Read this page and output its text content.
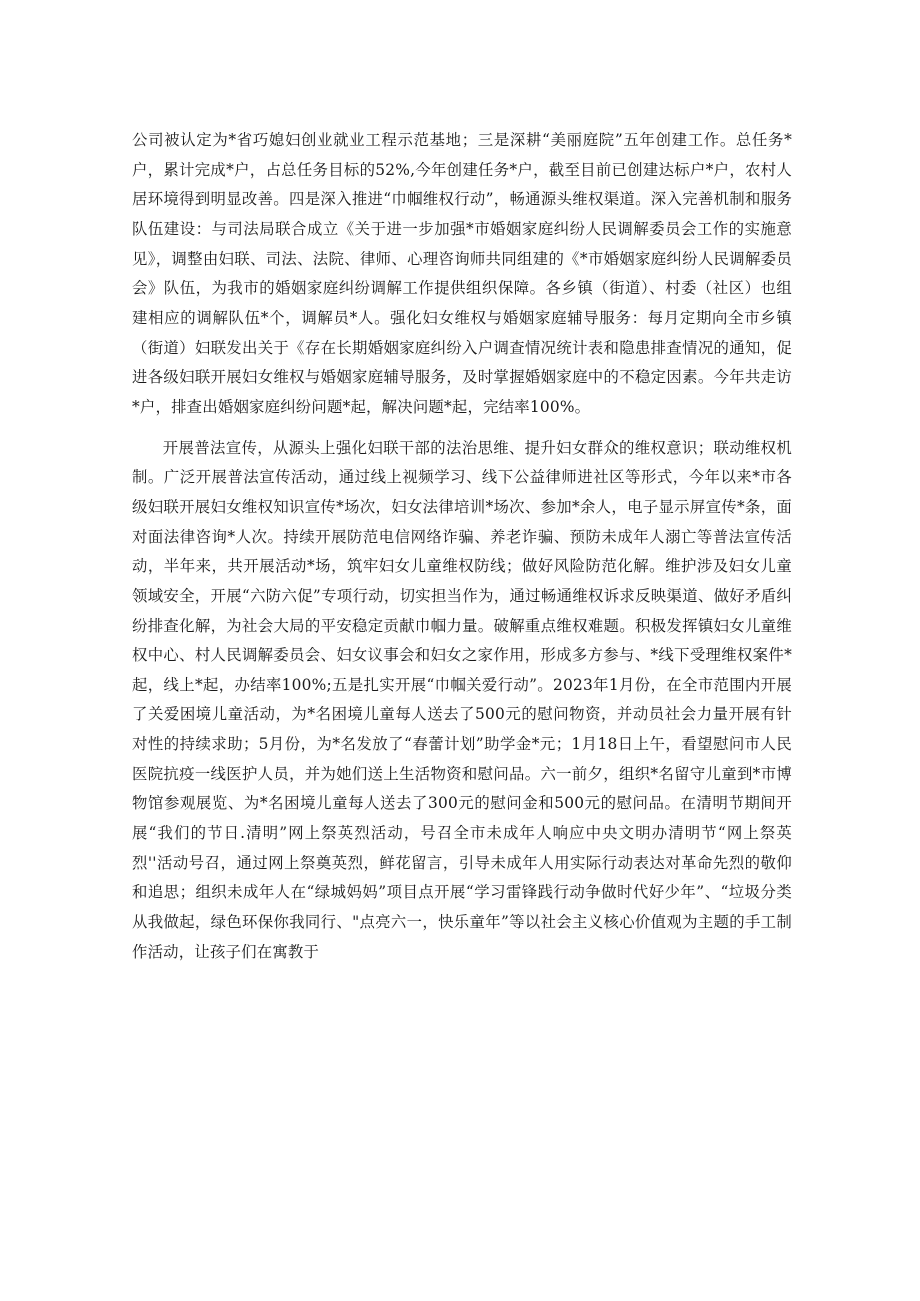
公司被认定为*省巧媳妇创业就业工程示范基地；三是深耕“美丽庭院”五年创建工作。总任务*户，累计完成*户，占总任务目标的52%,今年创建任务*户，截至目前已创建达标户*户，农村人居环境得到明显改善。四是深入推进“巾帼维权行动”，畅通源头维权渠道。深入完善机制和服务队伍建设：与司法局联合成立《关于进一步加强*市婚姻家庭纠纷人民调解委员会工作的实施意见》，调整由妇联、司法、法院、律师、心理咨询师共同组建的《*市婚姻家庭纠纷人民调解委员会》队伍，为我市的婚姻家庭纠纷调解工作提供组织保障。各乡镇（街道）、村委（社区）也组建相应的调解队伍*个，调解员*人。强化妇女维权与婚姻家庭辅导服务：每月定期向全市乡镇（街道）妇联发出关于《存在长期婚姻家庭纠纷入户调查情况统计表和隐患排查情况的通知，促进各级妇联开展妇女维权与婚姻家庭辅导服务，及时掌握婚姻家庭中的不稳定因素。今年共走访*户，排查出婚姻家庭纠纷问题*起，解决问题*起，完结率100%。

开展普法宣传，从源头上强化妇联干部的法治思维、提升妇女群众的维权意识；联动维权机制。广泛开展普法宣传活动，通过线上视频学习、线下公益律师进社区等形式，今年以来*市各级妇联开展妇女维权知识宣传*场次，妇女法律培训*场次、参加*余人，电子显示屏宣传*条，面对面法律咨询*人次。持续开展防范电信网络诈骗、养老诈骗、预防未成年人溺亡等普法宣传活动，半年来，共开展活动*场，筑牢妇女儿童维权防线；做好风险防范化解。维护涉及妇女儿童领域安全，开展“六防六促”专项行动，切实担当作为，通过畅通维权诉求反映渠道、做好矛盾纠纷排查化解，为社会大局的平安稳定贡献巾帼力量。破解重点维权难题。积极发挥镇妇女儿童维权中心、村人民调解委员会、妇女议事会和妇女之家作用，形成多方参与、*线下受理维权案件*起，线上*起，办结率100%;五是扎实开展“巾帼关爱行动”。2023年1月份，在全市范围内开展了关爱困境儿童活动，为*名困境儿童每人送去了500元的慰问物资，并动员社会力量开展有针对性的持续求助；5月份，为*名发放了“春蕾计划”助学金*元；1月18日上午，看望慰问市人民医院抗疫一线医护人员，并为她们送上生活物资和慰问品。六一前夕，组织*名留守儿童到*市博物馆参观展览、为*名困境儿童每人送去了300元的慰问金和500元的慰问品。在清明节期间开展“我们的节日.清明”网上祭英烈活动，号召全市未成年人响应中央文明办清明节“网上祭英烈''活动号召，通过网上祭奠英烈，鲜花留言，引导未成年人用实际行动表达对革命先烈的敬仰和追思；组织未成年人在“绿城妈妈”项目点开展“学习雷锋践行动争做时代好少年”、“垃圾分类从我做起，绿色环保你我同行、"点亮六一，快乐童年”等以社会主义核心价值观为主题的手工制作活动，让孩子们在寓教于
